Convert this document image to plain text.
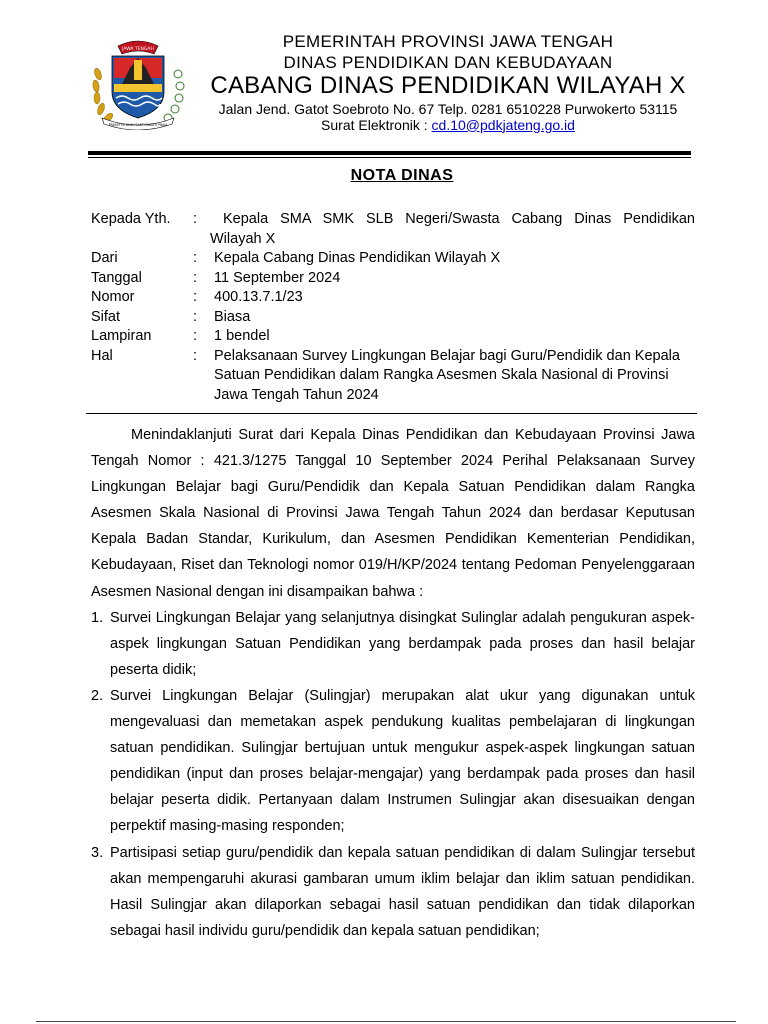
JAWA TENGAH
PRASETYA ULAH SAKTI BHAKTI PRAJA
PEMERINTAH PROVINSI JAWA TENGAH
DINAS PENDIDIKAN DAN KEBUDAYAAN
CABANG DINAS PENDIDIKAN WILAYAH X
Jalan Jend. Gatot Soebroto No. 67 Telp. 0281 6510228 Purwokerto 53115
Surat Elektronik : cd.10@pdkjateng.go.id
NOTA DINAS
Kepada Yth.	:	Kepala SMA SMK SLB Negeri/Swasta Cabang Dinas Pendidikan
Wilayah X
Dari	:	Kepala Cabang Dinas Pendidikan Wilayah X
Tanggal	:	11 September 2024
Nomor	:	400.13.7.1/23
Sifat	:	Biasa
Lampiran	:	1 bendel
Hal	:	Pelaksanaan Survey Lingkungan Belajar bagi Guru/Pendidik dan Kepala Satuan Pendidikan dalam Rangka Asesmen Skala Nasional di Provinsi Jawa Tengah Tahun 2024

Menindaklanjuti Surat dari Kepala Dinas Pendidikan dan Kebudayaan Provinsi Jawa Tengah Nomor : 421.3/1275 Tanggal 10 September 2024 Perihal Pelaksanaan Survey Lingkungan Belajar bagi Guru/Pendidik dan Kepala Satuan Pendidikan dalam Rangka Asesmen Skala Nasional di Provinsi Jawa Tengah Tahun 2024 dan berdasar Keputusan Kepala Badan Standar, Kurikulum, dan Asesmen Pendidikan Kementerian Pendidikan, Kebudayaan, Riset dan Teknologi nomor 019/H/KP/2024 tentang Pedoman Penyelenggaraan Asesmen Nasional dengan ini disampaikan bahwa :

1. Survei Lingkungan Belajar yang selanjutnya disingkat Sulinglar adalah pengukuran aspek-aspek lingkungan Satuan Pendidikan yang berdampak pada proses dan hasil belajar peserta didik;
2. Survei Lingkungan Belajar (Sulingjar) merupakan alat ukur yang digunakan untuk mengevaluasi dan memetakan aspek pendukung kualitas pembelajaran di lingkungan satuan pendidikan. Sulingjar bertujuan untuk mengukur aspek-aspek lingkungan satuan pendidikan (input dan proses belajar-mengajar) yang berdampak pada proses dan hasil belajar peserta didik. Pertanyaan dalam Instrumen Sulingjar akan disesuaikan dengan perpektif masing-masing responden;
3. Partisipasi setiap guru/pendidik dan kepala satuan pendidikan di dalam Sulingjar tersebut akan mempengaruhi akurasi gambaran umum iklim belajar dan iklim satuan pendidikan. Hasil Sulingjar akan dilaporkan sebagai hasil satuan pendidikan dan tidak dilaporkan sebagai hasil individu guru/pendidik dan kepala satuan pendidikan;
